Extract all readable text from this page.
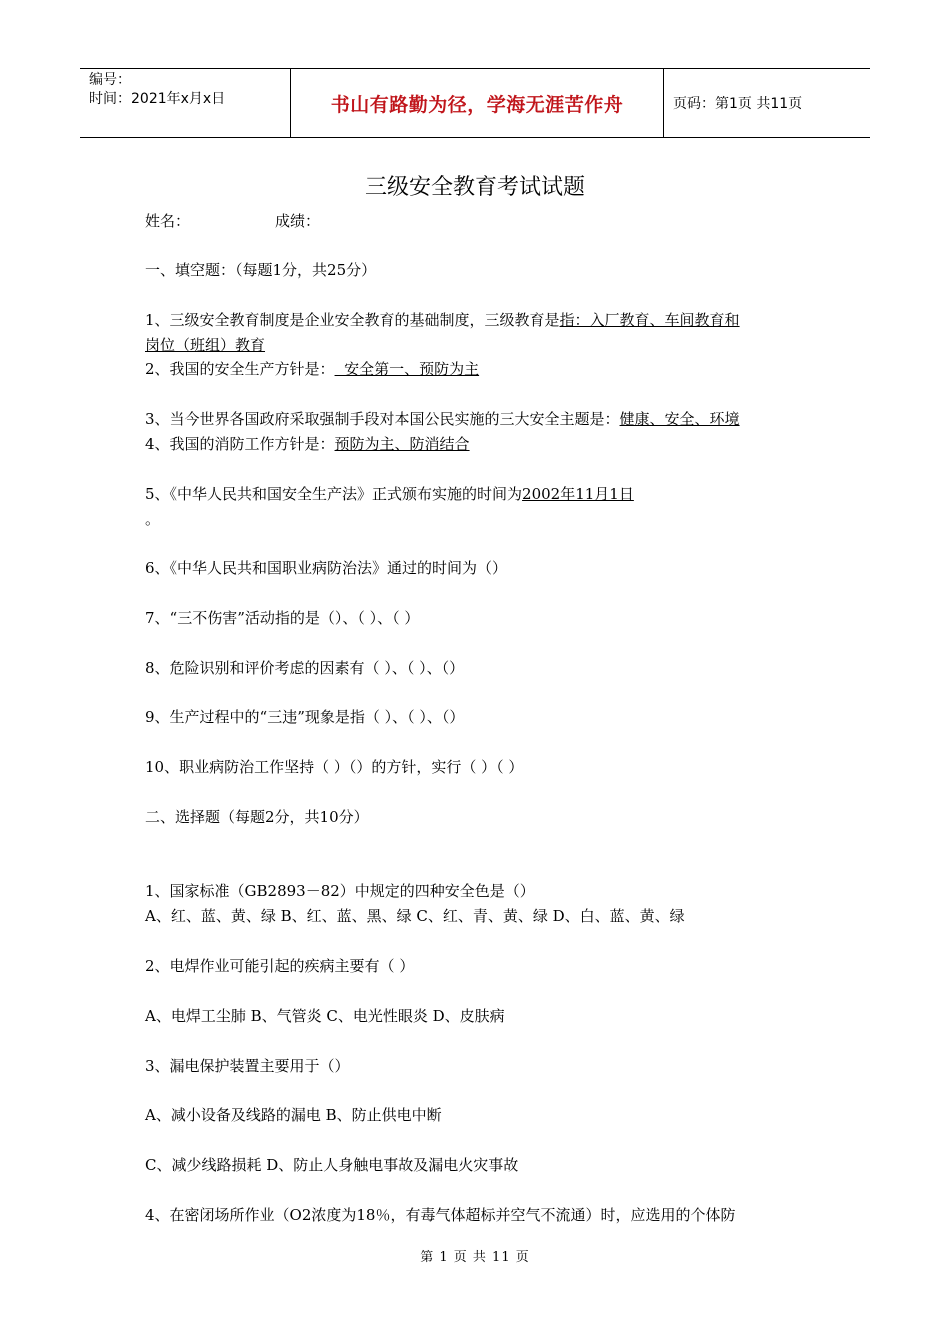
编号：
时间：2021年x月x日	书山有路勤为径，学海无涯苦作舟	页码：第1页 共11页
三级安全教育考试试题
姓名：	成绩：
一、填空题：（每题1分，共25分）
1、三级安全教育制度是企业安全教育的基础制度，三级教育是指：入厂教育、车间教育和
岗位（班组）教育
2、我国的安全生产方针是：  安全第一、预防为主
3、当今世界各国政府采取强制手段对本国公民实施的三大安全主题是：健康、安全、环境
4、我国的消防工作方针是：预防为主、防消结合
5、《中华人民共和国安全生产法》正式颁布实施的时间为2002年11月1日
。
6、《中华人民共和国职业病防治法》通过的时间为（）
7、“三不伤害”活动指的是（）、（ ）、（ ）
8、危险识别和评价考虑的因素有（ ）、（ ）、（）
9、生产过程中的“三违”现象是指（ ）、（ ）、（）
10、职业病防治工作坚持（ ）（）的方针，实行（ ）（ ）
二、选择题（每题2分，共10分）
1、国家标准（GB2893－82）中规定的四种安全色是（）
A、红、蓝、黄、绿 B、红、蓝、黑、绿 C、红、青、黄、绿 D、白、蓝、黄、绿
2、电焊作业可能引起的疾病主要有（ ）
A、电焊工尘肺 B、气管炎 C、电光性眼炎 D、皮肤病
3、漏电保护装置主要用于（）
A、减小设备及线路的漏电 B、防止供电中断
C、减少线路损耗 D、防止人身触电事故及漏电火灾事故
4、在密闭场所作业（O2浓度为18％，有毒气体超标并空气不流通）时，应选用的个体防
第 1 页 共 11 页
